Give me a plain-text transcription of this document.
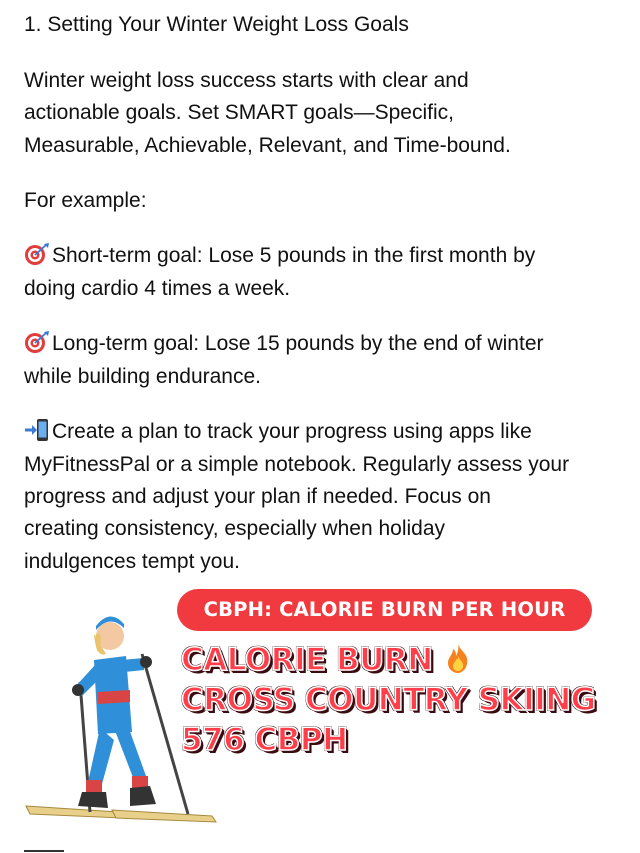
1. Setting Your Winter Weight Loss Goals

Winter weight loss success starts with clear and

actionable goals. Set SMART goals—Specific,

Measurable, Achievable, Relevant, and Time-bound.

For example:

Short-term goal: Lose 5 pounds in the first month by

doing cardio 4 times a week.

Long-term goal: Lose 15 pounds by the end of winter

while building endurance.

Create a plan to track your progress using apps like

MyFitnessPal or a simple notebook. Regularly assess your

progress and adjust your plan if needed. Focus on

creating consistency, especially when holiday

indulgences tempt you.

CBPH: CALORIE BURN PER HOUR

CALORIE BURN

CROSS COUNTRY SKIING

576 CBPH
